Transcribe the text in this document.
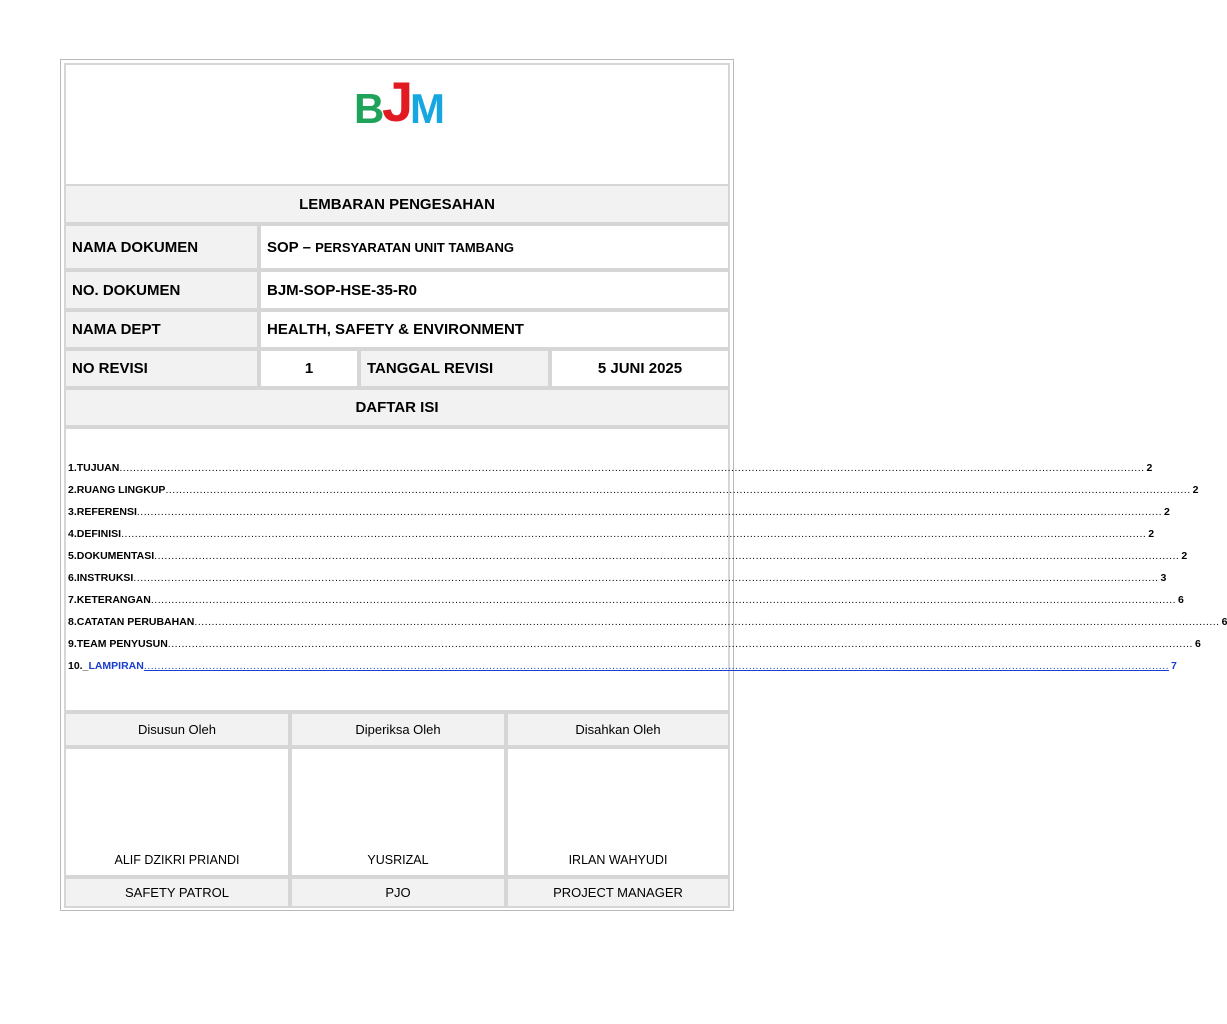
B
J
M
LEMBARAN PENGESAHAN
NAMA DOKUMEN	SOP – PERSYARATAN UNIT TAMBANG
NO. DOKUMEN	BJM-SOP-HSE-35-R0
NAMA DEPT	HEALTH, SAFETY & ENVIRONMENT
NO REVISI	1	TANGGAL REVISI	5 JUNI 2025
DAFTAR ISI
1. TUJUAN ............................................................................................................................................................................................................................................................................................................ 2
2. RUANG LINGKUP ............................................................................................................................................................................................................................................................................................................ 2
3. REFERENSI ............................................................................................................................................................................................................................................................................................................ 2
4. DEFINISI ............................................................................................................................................................................................................................................................................................................ 2
5. DOKUMENTASI ............................................................................................................................................................................................................................................................................................................ 2
6. INSTRUKSI ............................................................................................................................................................................................................................................................................................................ 3
7. KETERANGAN ............................................................................................................................................................................................................................................................................................................ 6
8. CATATAN PERUBAHAN ............................................................................................................................................................................................................................................................................................................ 6
9. TEAM PENYUSUN ............................................................................................................................................................................................................................................................................................................ 6
10._ LAMPIRAN ............................................................................................................................................................................................................................................................................................................ 7
Disusun Oleh	Diperiksa Oleh	Disahkan Oleh
ALIF DZIKRI PRIANDI	YUSRIZAL	IRLAN WAHYUDI
SAFETY PATROL	PJO	PROJECT MANAGER
